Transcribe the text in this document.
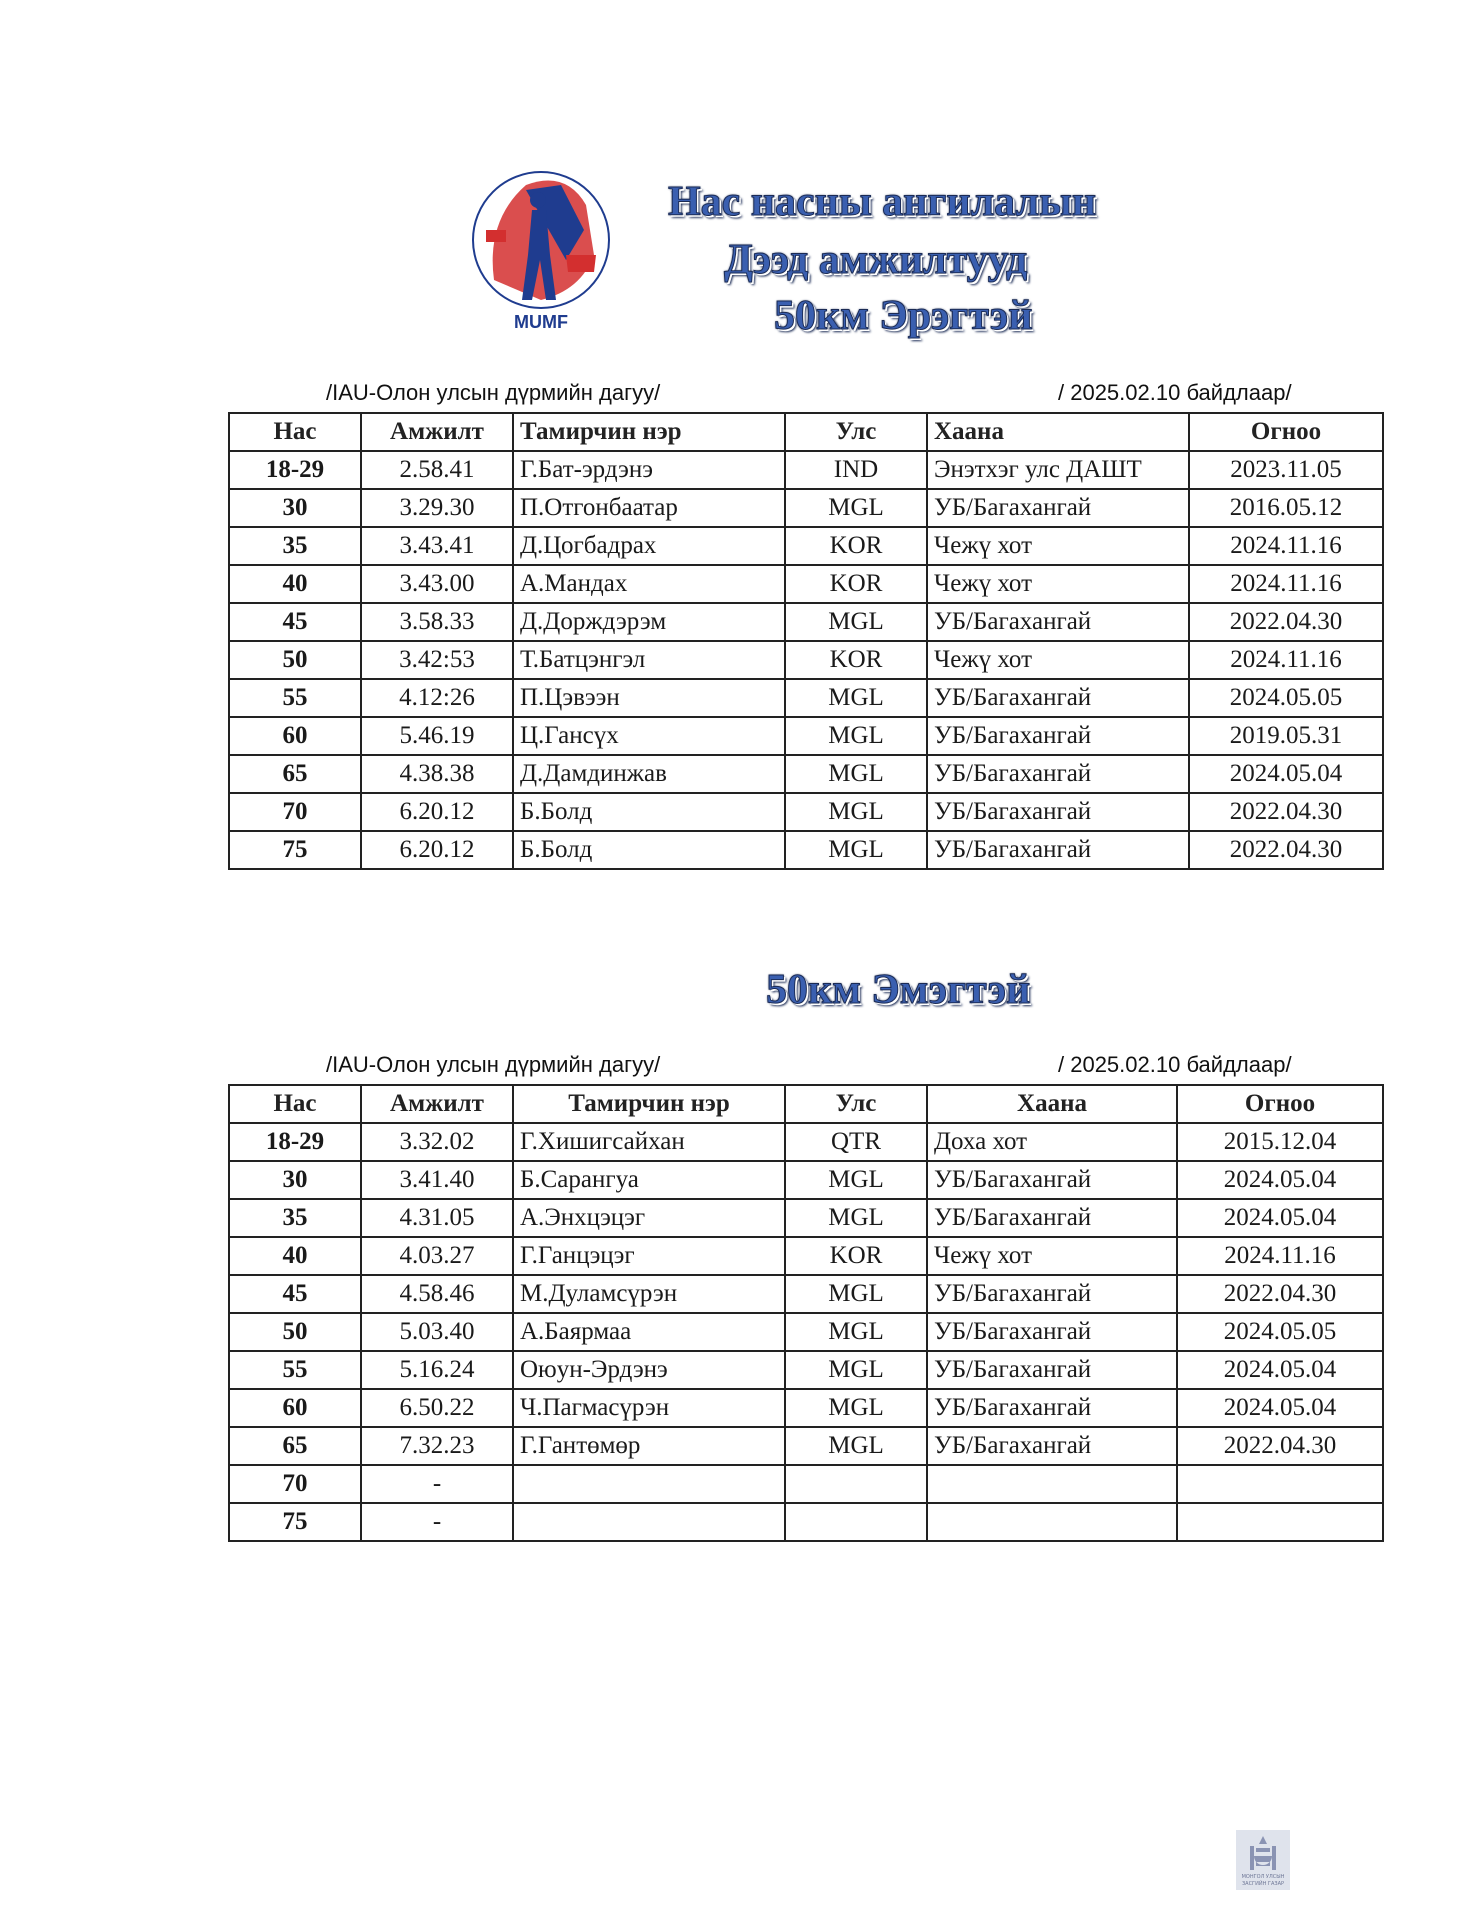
MUMF
Нас насны ангилалын
Дээд амжилтууд
50км Эрэгтэй
/IAU-Олон улсын дүрмийн дагуу/	/ 2025.02.10 байдлаар/
Нас	Амжилт	Тамирчин нэр	Улс	Хаана	Огноо
18-29	2.58.41	Г.Бат-эрдэнэ	IND	Энэтхэг улс ДАШТ	2023.11.05
30	3.29.30	П.Отгонбаатар	MGL	УБ/Багахангай	2016.05.12
35	3.43.41	Д.Цогбадрах	KOR	Чежү хот	2024.11.16
40	3.43.00	А.Мандах	KOR	Чежү хот	2024.11.16
45	3.58.33	Д.Дорждэрэм	MGL	УБ/Багахангай	2022.04.30
50	3.42:53	Т.Батцэнгэл	KOR	Чежү хот	2024.11.16
55	4.12:26	П.Цэвээн	MGL	УБ/Багахангай	2024.05.05
60	5.46.19	Ц.Гансүх	MGL	УБ/Багахангай	2019.05.31
65	4.38.38	Д.Дамдинжав	MGL	УБ/Багахангай	2024.05.04
70	6.20.12	Б.Болд	MGL	УБ/Багахангай	2022.04.30
75	6.20.12	Б.Болд	MGL	УБ/Багахангай	2022.04.30
50км Эмэгтэй
/IAU-Олон улсын дүрмийн дагуу/	/ 2025.02.10 байдлаар/
Нас	Амжилт	Тамирчин нэр	Улс	Хаана	Огноо
18-29	3.32.02	Г.Хишигсайхан	QTR	Доха хот	2015.12.04
30	3.41.40	Б.Сарангуа	MGL	УБ/Багахангай	2024.05.04
35	4.31.05	А.Энхцэцэг	MGL	УБ/Багахангай	2024.05.04
40	4.03.27	Г.Ганцэцэг	KOR	Чежү хот	2024.11.16
45	4.58.46	М.Дуламсүрэн	MGL	УБ/Багахангай	2022.04.30
50	5.03.40	А.Баярмаа	MGL	УБ/Багахангай	2024.05.05
55	5.16.24	Оюун-Эрдэнэ	MGL	УБ/Багахангай	2024.05.04
60	6.50.22	Ч.Пагмасүрэн	MGL	УБ/Багахангай	2024.05.04
65	7.32.23	Г.Гантөмөр	MGL	УБ/Багахангай	2022.04.30
70	-				
75	-				
МОНГОЛ УЛСЫН
ЗАСГИЙН ГАЗАР
